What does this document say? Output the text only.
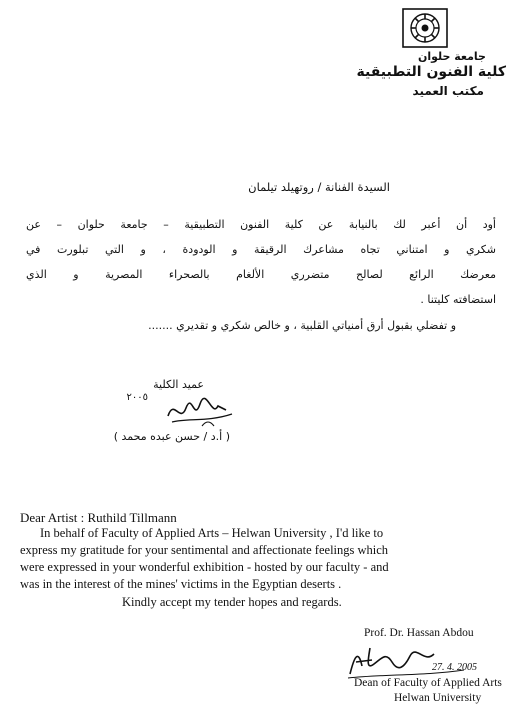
جامعة حلوان
كلية الفنون التطبيقية
مكتب العميد
السيدة الفنانة / روتهيلد تيلمان
أود أن أعبر لك بالنيابة عن كلية الفنون التطبيقية – جامعة حلوان – عن
شكري و امتناني تجاه مشاعرك الرقيقة و الودودة ، و التي تبلورت في
معرضك الرائع لصالح متضرري الألغام بالصحراء المصرية و الذي
استضافته كليتنا .
و تفضلي بقبول أرق أمنياتي القلبية ، و خالص شكري و تقديري .......
عميد الكلية
٢٠٠٥
( أ.د / حسن عبده محمد )
Dear Artist : Ruthild Tillmann
In behalf of Faculty of Applied Arts – Helwan University , I'd like to
express my gratitude for your sentimental and affectionate feelings which
were expressed in your wonderful exhibition - hosted by our faculty - and
was in the interest of the mines' victims in the Egyptian deserts .
Kindly accept my tender hopes and regards.
Prof. Dr. Hassan Abdou
27. 4. 2005
Dean of Faculty of Applied Arts
Helwan University
